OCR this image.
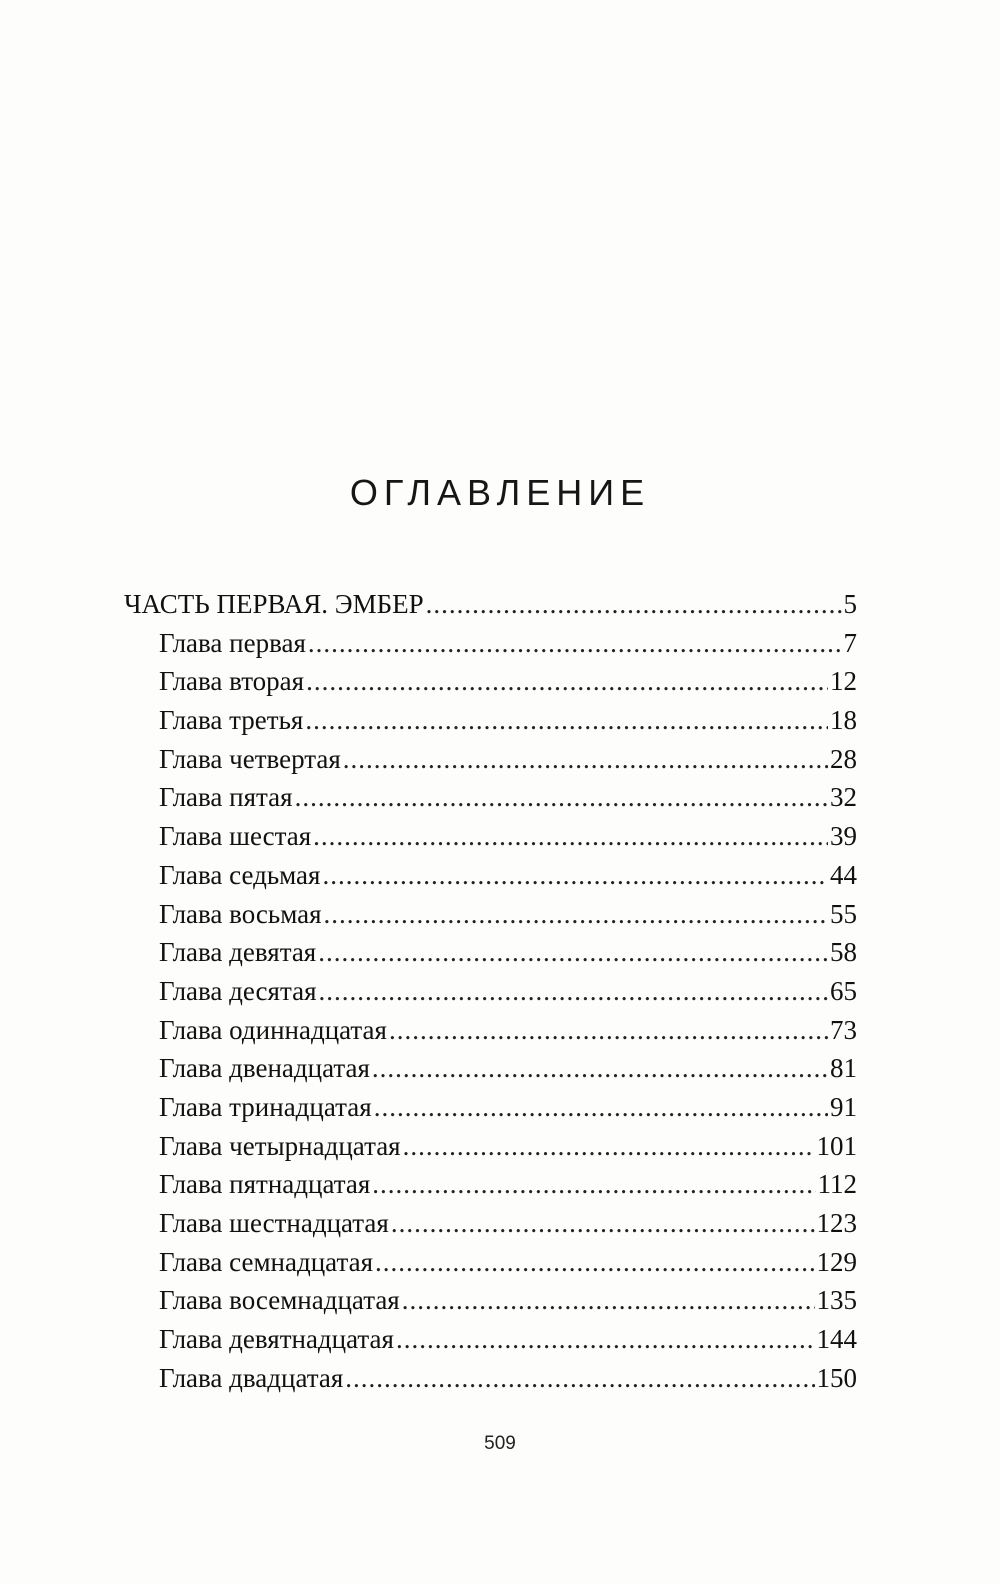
ОГЛАВЛЕНИЕ
ЧАСТЬ ПЕРВАЯ. ЭМБЕР .....	5
Глава первая .....	7
Глава вторая .....	12
Глава третья .....	18
Глава четвертая .....	28
Глава пятая .....	32
Глава шестая .....	39
Глава седьмая .....	44
Глава восьмая .....	55
Глава девятая .....	58
Глава десятая .....	65
Глава одиннадцатая .....	73
Глава двенадцатая .....	81
Глава тринадцатая .....	91
Глава четырнадцатая .....	101
Глава пятнадцатая .....	112
Глава шестнадцатая .....	123
Глава семнадцатая .....	129
Глава восемнадцатая .....	135
Глава девятнадцатая .....	144
Глава двадцатая .....	150
509
